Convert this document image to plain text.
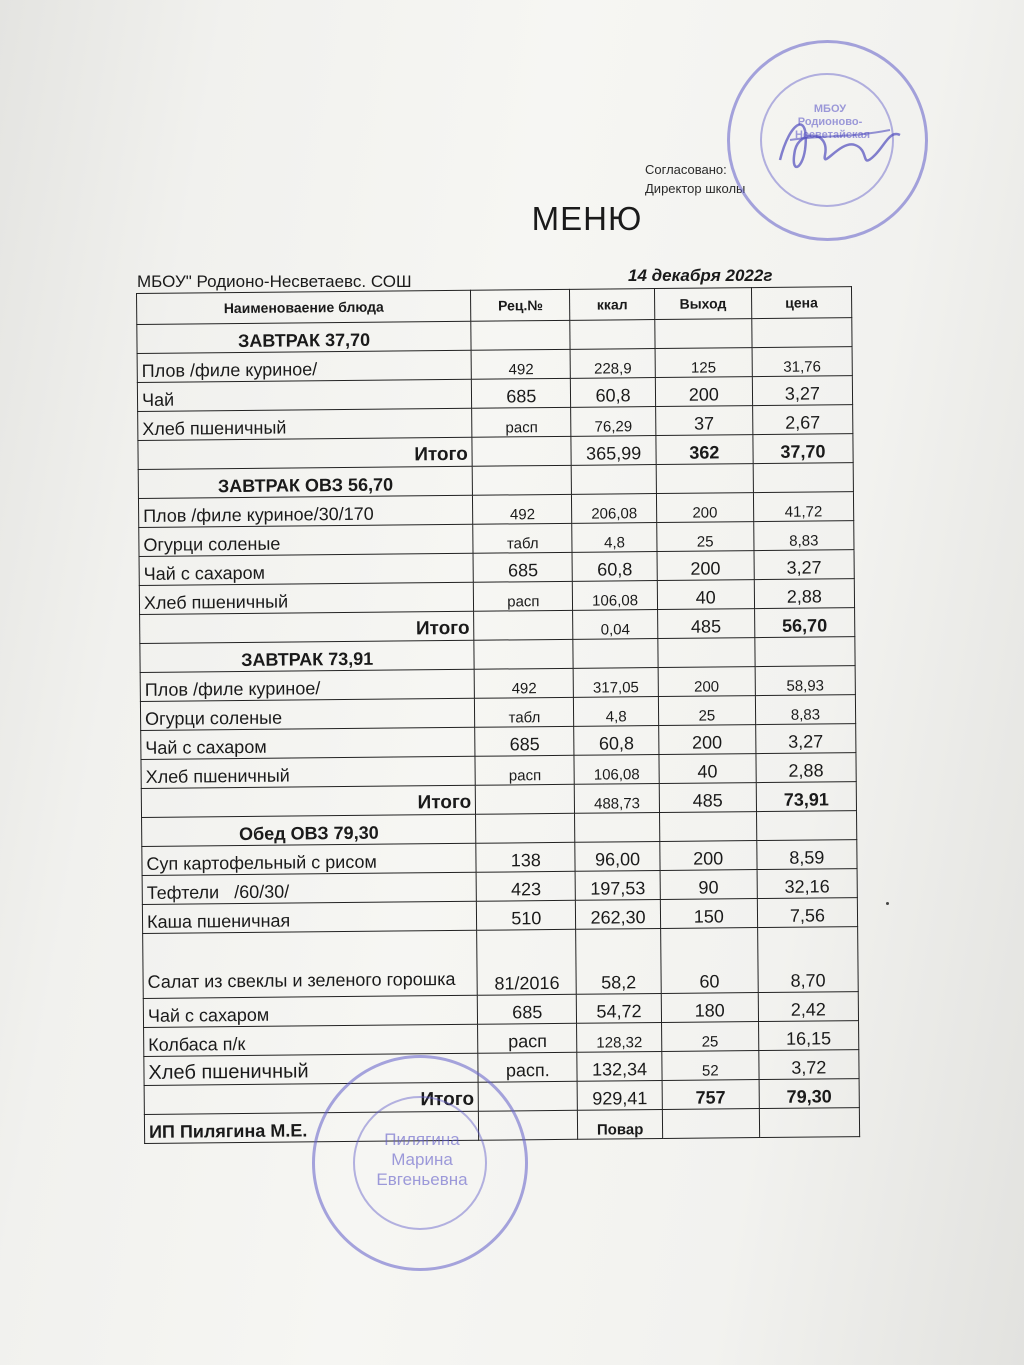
Согласовано:
Директор школы
МБОУ Родионово-Несветайская
МЕНЮ
МБОУ" Родионо-Несветаевс. СОШ	14 декабря 2022г
Наименоваение блюда	Рец.№	ккал	Выход	цена
ЗАВТРАК 37,70				
Плов /филе куриное/	492	228,9	125	31,76
Чай	685	60,8	200	3,27
Хлеб пшеничный	расп	76,29	37	2,67
Итого		365,99	362	37,70
ЗАВТРАК ОВЗ 56,70				
Плов /филе куриное/30/170	492	206,08	200	41,72
Огурци соленые	табл	4,8	25	8,83
Чай с сахаром	685	60,8	200	3,27
Хлеб пшеничный	расп	106,08	40	2,88
Итого		0,04	485	56,70
ЗАВТРАК 73,91				
Плов /филе куриное/	492	317,05	200	58,93
Огурци соленые	табл	4,8	25	8,83
Чай с сахаром	685	60,8	200	3,27
Хлеб пшеничный	расп	106,08	40	2,88
Итого		488,73	485	73,91
Обед ОВЗ 79,30				
Суп картофельный с рисом	138	96,00	200	8,59
Тефтели   /60/30/	423	197,53	90	32,16
Каша пшеничная	510	262,30	150	7,56
Салат из свеклы и зеленого горошка	81/2016	58,2	60	8,70
Чай с сахаром	685	54,72	180	2,42
Колбаса п/к	расп	128,32	25	16,15
Хлеб пшеничный	расп.	132,34	52	3,72
Итого		929,41	757	79,30
ИП Пилягина М.Е.		Повар		
Пилягина Марина Евгеньевна
